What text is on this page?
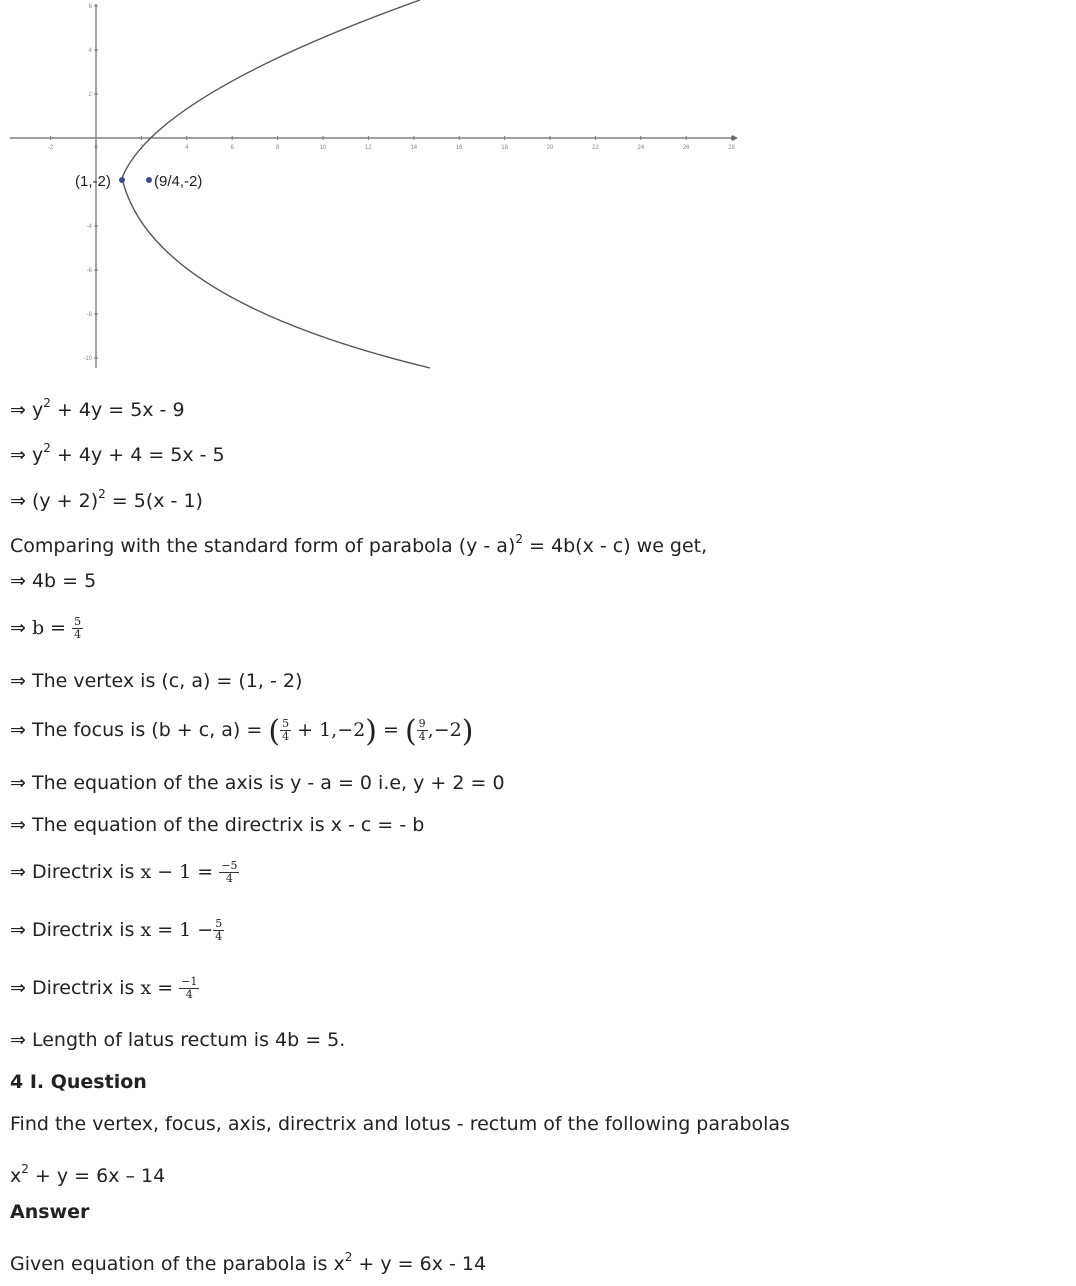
-2	0	2	4	6	8	10	12	14	16	18	20	22	24	26	28
6
4
2
-4
-6
-8
-10
(1,-2)	(9/4,-2)
⇒ $y^2 + 4y = 5x - 9$
⇒ $y^2 + 4y + 4 = 5x - 5$
⇒ $(y + 2)^2 = 5(x - 1)$
Comparing with the standard form of parabola (y - a)$^2$ = 4b(x - c) we get,
⇒ 4b = 5
⇒ $b = \frac{5}{4}$
⇒ The vertex is (c, a) = (1, - 2)
⇒ The focus is (b + c, a) = ( $\frac{5}{4} + 1,-2$) = ( $\frac{9}{4} ,-2$)
⇒ The equation of the axis is y - a = 0 i.e, y + 2 = 0
⇒ The equation of the directrix is x - c = - b
⇒ Directrix is $x - 1 = \frac{-5}{4}$
⇒ Directrix is $x = 1 - \frac{5}{4}$
⇒ Directrix is $x = \frac{-1}{4}$
⇒ Length of latus rectum is 4b = 5.
4 I. Question
Find the vertex, focus, axis, directrix and lotus - rectum of the following parabolas
$x^2 + y = 6x - 14$
Answer
Given equation of the parabola is $x^2 + y = 6x - 14$
